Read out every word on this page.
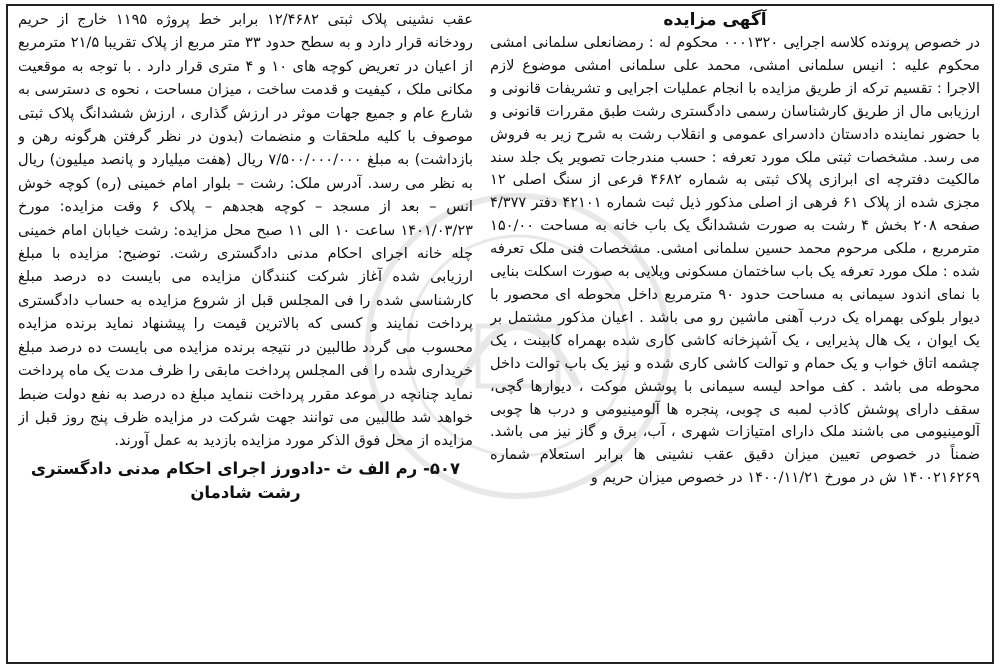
آگهی مزایده

در خصوص پرونده کلاسه اجرایی ۰۰۰۱۳۲۰ محکوم له : رمضانعلی سلمانی امشی محکوم علیه : انیس سلمانی امشی، محمد علی سلمانی امشی موضوع لازم الاجرا : تقسیم ترکه از طریق مزایده با انجام عملیات اجرایی و تشریفات قانونی و ارزیابی مال از طریق کارشناسان رسمی دادگستری رشت طبق مقررات قانونی و با حضور نماینده دادستان دادسرای عمومی و انقلاب رشت به شرح زیر به فروش می رسد. مشخصات ثبتی ملک مورد تعرفه : حسب مندرجات تصویر یک جلد سند مالکیت دفترچه ای ابرازی پلاک ثبتی به شماره ۴۶۸۲ فرعی از سنگ اصلی ۱۲ مجزی شده از پلاک ۶۱ فرهی از اصلی مذکور ذیل ثبت شماره ۴۲۱۰۱ دفتر ۴/۳۷۷ صفحه ۲۰۸ بخش ۴ رشت به صورت ششدانگ یک باب خانه به مساحت ۱۵۰/۰۰ مترمربع ، ملکی مرحوم محمد حسین سلمانی امشی. مشخصات فنی ملک تعرفه شده : ملک مورد تعرفه یک باب ساختمان مسکونی ویلایی به صورت اسکلت بنایی با نمای اندود سیمانی به مساحت حدود ۹۰ مترمربع داخل محوطه ای محصور با دیوار بلوکی بهمراه یک درب آهنی ماشین رو می باشد . اعیان مذکور مشتمل بر یک ایوان ، یک هال پذیرایی ، یک آشپزخانه کاشی کاری شده بهمراه کابینت ، یک چشمه اتاق خواب و یک حمام و توالت کاشی کاری شده و نیز یک باب توالت داخل محوطه می باشد . کف مواحد لیسه سیمانی با پوشش موکت ، دیوارها گچی، سقف دارای پوشش کاذب لمبه ی چوبی، پنجره ها آلومینیومی و درب ها چوبی آلومینیومی می باشند ملک دارای امتیازات شهری ، آب، برق و گاز نیز می باشد. ضمناً در خصوص تعیین میزان دقیق عقب نشینی ها برابر استعلام شماره ۱۴۰۰۲۱۶۲۶۹ ش در مورخ ۱۴۰۰/۱۱/۲۱ در خصوص میزان حریم و

عقب نشینی پلاک ثبتی ۱۲/۴۶۸۲ برابر خط پروژه ۱۱۹۵ خارج از حریم رودخانه قرار دارد و به سطح حدود ۳۳ متر مربع از پلاک تقریبا ۲۱/۵ مترمربع از اعیان در تعریض کوچه های ۱۰ و ۴ متری قرار دارد . با توجه به موقعیت مکانی ملک ، کیفیت و قدمت ساخت ، میزان مساحت ، نحوه ی دسترسی به شارع عام و جمیع جهات موثر در ارزش گذاری ، ارزش ششدانگ پلاک ثبتی موصوف با کلیه ملحقات و منضمات (بدون در نظر گرفتن هرگونه رهن و بازداشت) به مبلغ ۷/۵۰۰/۰۰۰/۰۰۰ ریال (هفت میلیارد و پانصد میلیون) ریال به نظر می رسد. آدرس ملک: رشت – بلوار امام خمینی (ره) کوچه خوش انس – بعد از مسجد – کوچه هجدهم – پلاک ۶ وقت مزایده: مورخ ۱۴۰۱/۰۳/۲۳ ساعت ۱۰ الی ۱۱ صبح محل مزایده: رشت خیابان امام خمینی چله خانه اجرای احکام مدنی دادگستری رشت. توضیح: مزایده با مبلغ ارزیابی شده آغاز شرکت کنندگان مزایده می بایست ده درصد مبلغ کارشناسی شده را فی المجلس قبل از شروع مزایده به حساب دادگستری پرداخت نمایند و کسی که بالاترین قیمت را پیشنهاد نماید برنده مزایده محسوب می گردد طالبین در نتیجه برنده مزایده می بایست ده درصد مبلغ خریداری شده را فی المجلس پرداخت مابقی را ظرف مدت یک ماه پرداخت نماید چنانچه در موعد مقرر پرداخت ننماید مبلغ ده درصد به نفع دولت ضبط خواهد شد طالبین می توانند جهت شرکت در مزایده ظرف پنج روز قبل از مزایده از محل فوق الذکر مورد مزایده بازدید به عمل آورند.

۵۰۷- رم الف ث -دادورز اجرای احکام مدنی دادگستری رشت شادمان
